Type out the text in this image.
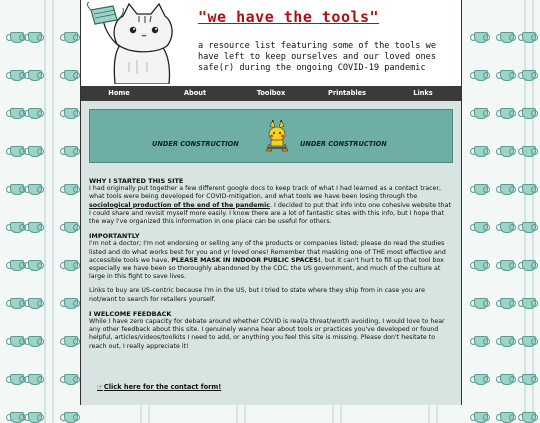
"we have the tools"

a resource list featuring some of the tools we have left to keep ourselves and our loved ones safe(r) during the ongoing COVID-19 pandemic

Home	About	Toolbox	Printables	Links
UNDER CONSTRUCTION	UNDER CONSTRUCTION
WHY I STARTED THIS SITE

I had originally put together a few different google docs to keep track of what I had learned as a contact tracer, what tools were being developed for COVID-mitigation, and what tools we have been losing through the sociological production of the end of the pandemic. I decided to put that info into one cohesive website that I could share and revisit myself more easily. I know there are a lot of fantastic sites with this info, but I hope that the way I've organized this information in one place can be useful for others.

IMPORTANTLY

I'm not a doctor; I'm not endorsing or selling any of the products or companies listed; please do read the studies listed and do what works best for you and yr loved ones! Remember that masking one of THE most effective and accessible tools we have, PLEASE MASK IN INDOOR PUBLIC SPACES!, but it can't hurt to fill up that tool box especially we have been so thoroughly abandoned by the CDC, the US government, and much of the culture at large in this fight to save lives.

Links to buy are US-centric because I'm in the US, but I tried to state where they ship from in case you are not/want to search for retailers yourself.

I WELCOME FEEDBACK

While I have zero capacity for debate around whether COVID is real/a threat/worth avoiding, I would love to hear any other feedback about this site. I genuinely wanna hear about tools or practices you've developed or found helpful, articles/videos/toolkits I need to add, or anything you feel this site is missing. Please don't hesitate to reach out, I really appreciate it!

☞Click here for the contact form!
